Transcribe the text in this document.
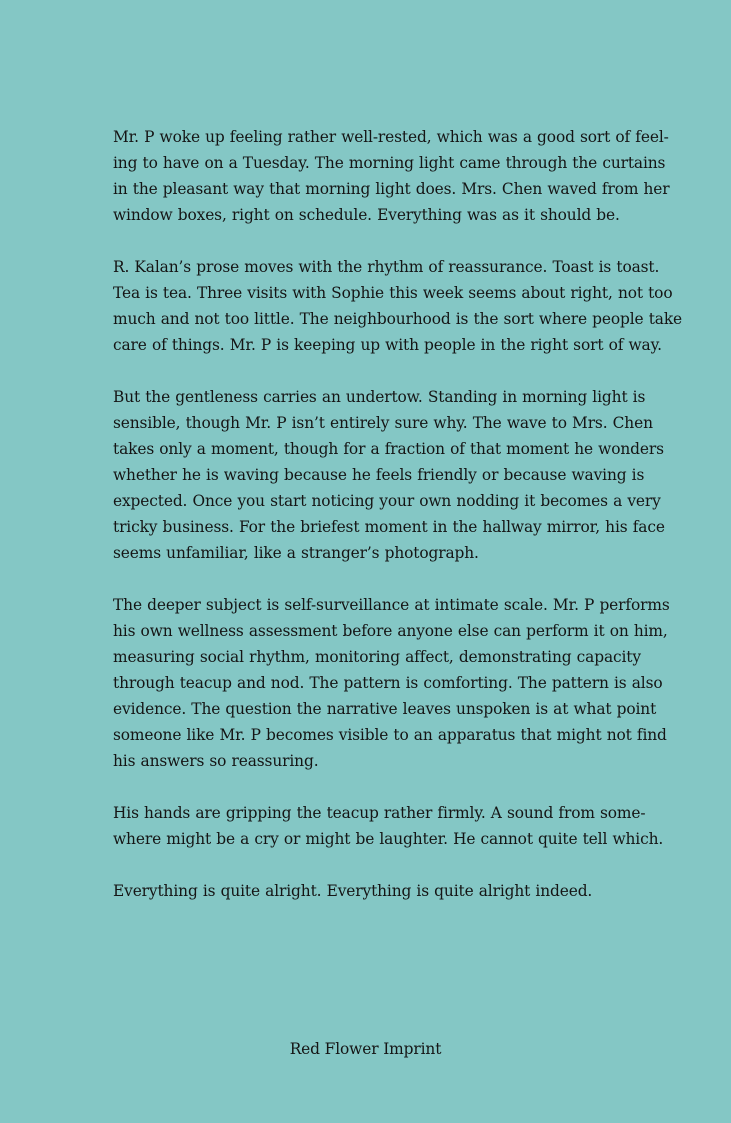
Mr. P woke up feeling rather well-rested, which was a good sort of feel-
ing to have on a Tuesday. The morning light came through the curtains
in the pleasant way that morning light does. Mrs. Chen waved from her
window boxes, right on schedule. Everything was as it should be.
R. Kalan’s prose moves with the rhythm of reassurance. Toast is toast.
Tea is tea. Three visits with Sophie this week seems about right, not too
much and not too little. The neighbourhood is the sort where people take
care of things. Mr. P is keeping up with people in the right sort of way.
But the gentleness carries an undertow. Standing in morning light is
sensible, though Mr. P isn’t entirely sure why. The wave to Mrs. Chen
takes only a moment, though for a fraction of that moment he wonders
whether he is waving because he feels friendly or because waving is
expected. Once you start noticing your own nodding it becomes a very
tricky business. For the briefest moment in the hallway mirror, his face
seems unfamiliar, like a stranger’s photograph.
The deeper subject is self-surveillance at intimate scale. Mr. P performs
his own wellness assessment before anyone else can perform it on him,
measuring social rhythm, monitoring affect, demonstrating capacity
through teacup and nod. The pattern is comforting. The pattern is also
evidence. The question the narrative leaves unspoken is at what point
someone like Mr. P becomes visible to an apparatus that might not find
his answers so reassuring.
His hands are gripping the teacup rather firmly. A sound from some-
where might be a cry or might be laughter. He cannot quite tell which.
Everything is quite alright. Everything is quite alright indeed.
Red Flower Imprint
